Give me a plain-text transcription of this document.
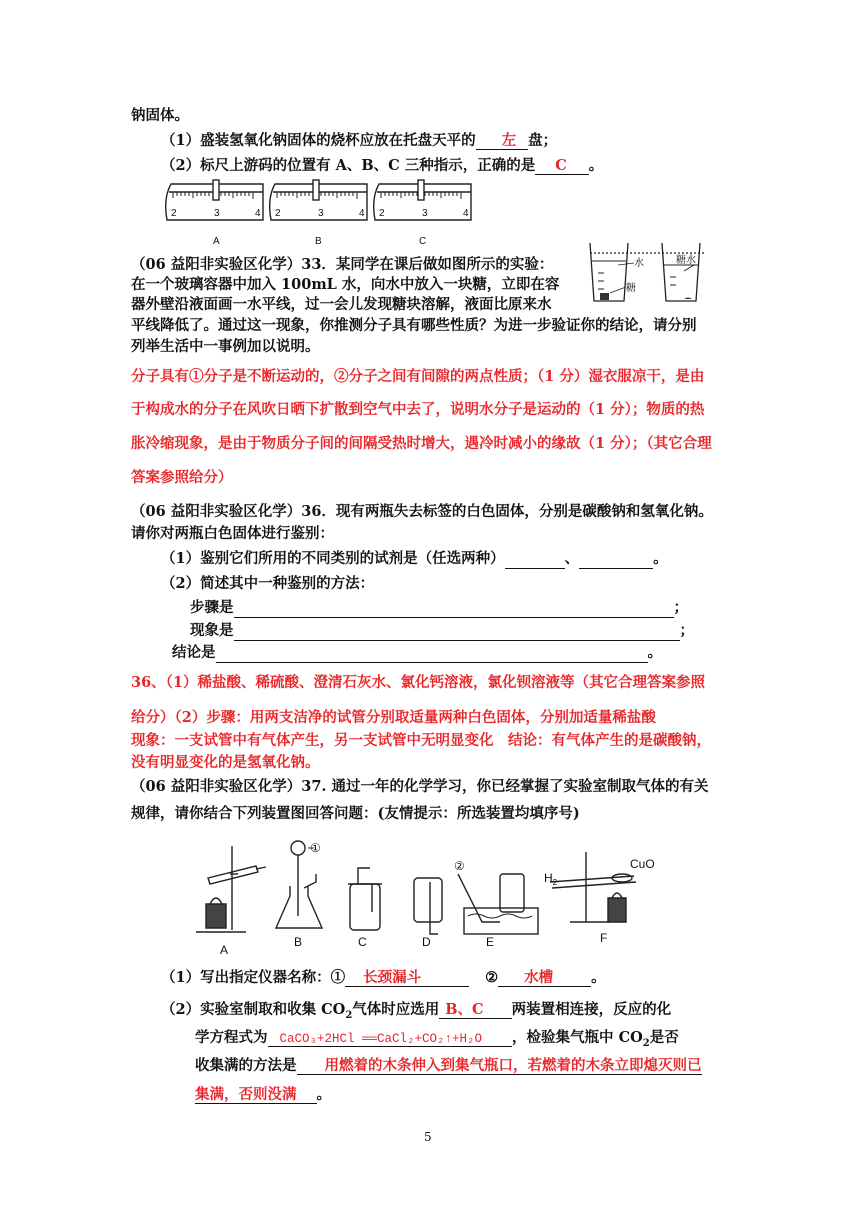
钠固体。
（1）盛装氢氧化钠固体的烧杯应放在托盘天平的 左 盘；
（2）标尺上游码的位置有 A、B、C 三种指示，正确的是 C 。
2	3	4 2	3	4 2	3	4
A	B	C
（06 益阳非实验区化学）33．某同学在课后做如图所示的实验：
在一个玻璃容器中加入 100mL 水，向水中放入一块糖，立即在容
器外壁沿液面画一水平线，过一会儿发现糖块溶解，液面比原来水
平线降低了。通过这一现象，你推测分子具有哪些性质？为进一步验证你的结论，请分别
列举生活中一事例加以说明。
水	糖水
糖
分子具有①分子是不断运动的，②分子之间有间隙的两点性质；（1 分）湿衣服凉干，是由
于构成水的分子在风吹日晒下扩散到空气中去了，说明水分子是运动的（1 分）；物质的热
胀冷缩现象，是由于物质分子间的间隔受热时增大，遇冷时减小的缘故（1 分）；（其它合理
答案参照给分）
（06 益阳非实验区化学）36．现有两瓶失去标签的白色固体，分别是碳酸钠和氢氧化钠。
请你对两瓶白色固体进行鉴别：
（1）鉴别它们所用的不同类别的试剂是（任选两种）	、	。
（2）简述其中一种鉴别的方法：
步骤是	；
现象是	；
结论是	。
36、（1）稀盐酸、稀硫酸、澄清石灰水、氯化钙溶液，氯化钡溶液等（其它合理答案参照
给分）（2）步骤：用两支洁净的试管分别取适量两种白色固体，分别加适量稀盐酸
现象：一支试管中有气体产生，另一支试管中无明显变化　结论：有气体产生的是碳酸钠，
没有明显变化的是氢氧化钠。
（06 益阳非实验区化学）37. 通过一年的化学学习，你已经掌握了实验室制取气体的有关
规律，请你结合下列装置图回答问题：(友情提示：所选装置均填序号)
①
②
$H_2$
CuO
A
B	C	D	E	F
（1）写出指定仪器名称：① 长颈漏斗	② 水槽	。
（2）实验室制取和收集 $CO_2$气体时应选用 B、C 两装置相连接，反应的化
学方程式为 CaCO₃+2HCl ══CaCl₂+CO₂↑+H₂O ，检验集气瓶中 $CO_2$是否
收集满的方法是 用燃着的木条伸入到集气瓶口，若燃着的木条立即熄灭则已
集满，否则没满 。
5
